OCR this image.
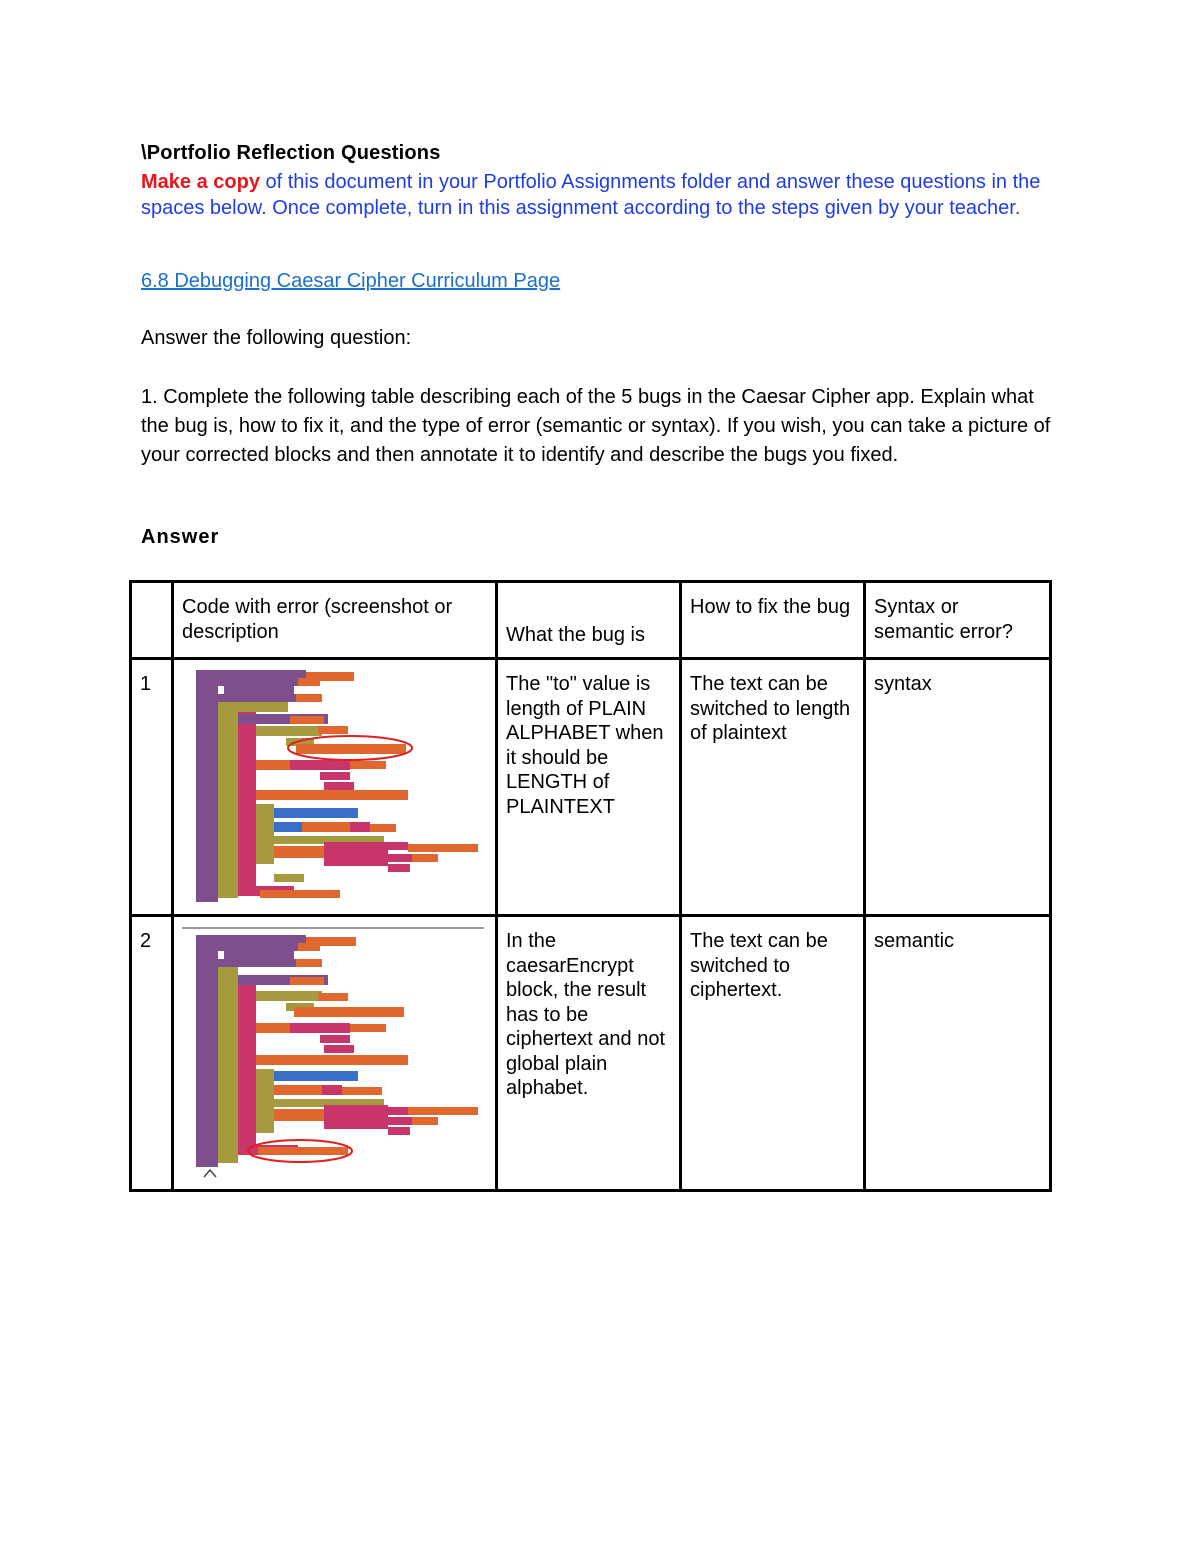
\Portfolio Reflection Questions
Make a copy of this document in your Portfolio Assignments folder and answer these questions in the spaces below. Once complete, turn in this assignment according to the steps given by your teacher.
6.8 Debugging Caesar Cipher Curriculum Page
Answer the following question:
1. Complete the following table describing each of the 5 bugs in the Caesar Cipher app. Explain what the bug is, how to fix it, and the type of error (semantic or syntax). If you wish, you can take a picture of your corrected blocks and then annotate it to identify and describe the bugs you fixed.
Answer
	Code with error (screenshot or description	What the bug is	How to fix the bug	Syntax or semantic error?
1		The "to" value is length of PLAIN ALPHABET when it should be LENGTH of PLAINTEXT	The text can be switched to length of plaintext	syntax
2		In the caesarEncrypt block, the result has to be ciphertext and not global plain alphabet.	The text can be switched to ciphertext.	semantic
